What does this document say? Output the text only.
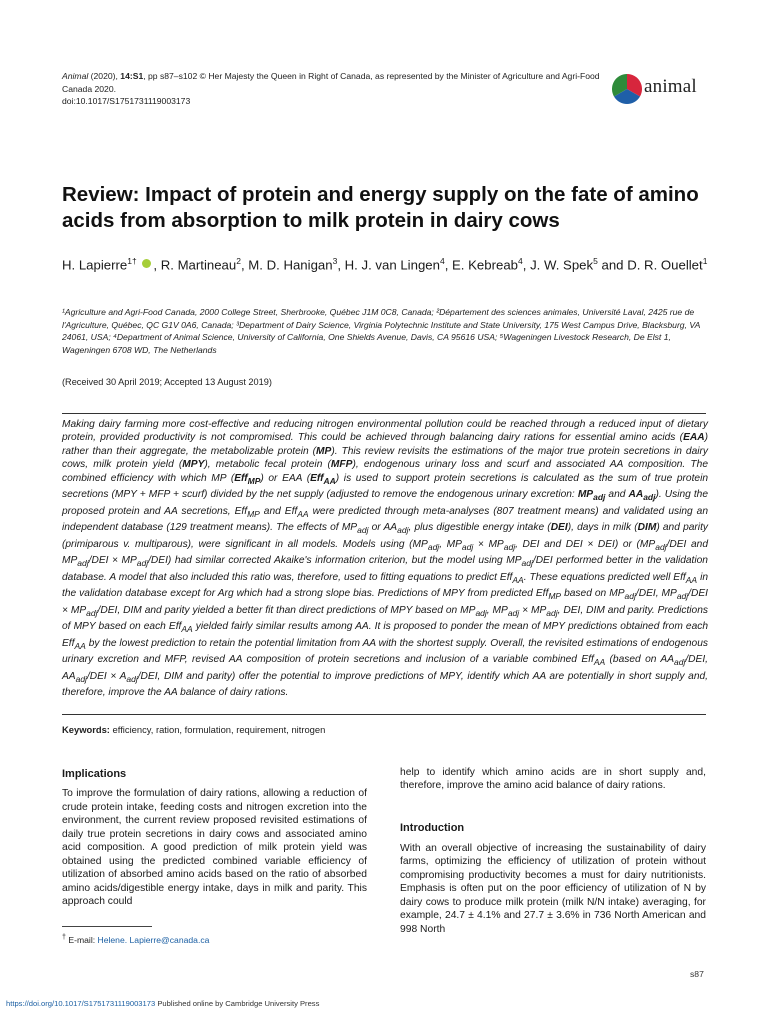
Animal (2020), 14:S1, pp s87–s102 © Her Majesty the Queen in Right of Canada, as represented by the Minister of Agriculture and Agri-Food Canada 2020.
doi:10.1017/S1751731119003173
animal
Review: Impact of protein and energy supply on the fate of amino acids from absorption to milk protein in dairy cows
H. Lapierre$^{1\dagger}$ , R. Martineau$^2$, M. D. Hanigan$^3$, H. J. van Lingen$^4$, E. Kebreab$^4$, J. W. Spek$^5$ and D. R. Ouellet$^1$
¹Agriculture and Agri-Food Canada, 2000 College Street, Sherbrooke, Québec J1M 0C8, Canada; ²Département des sciences animales, Université Laval, 2425 rue de l'Agriculture, Québec, QC G1V 0A6, Canada; ³Department of Dairy Science, Virginia Polytechnic Institute and State University, 175 West Campus Drive, Blacksburg, VA 24061, USA; ⁴Department of Animal Science, University of California, One Shields Avenue, Davis, CA 95616 USA; ⁵Wageningen Livestock Research, De Elst 1, Wageningen 6708 WD, The Netherlands
(Received 30 April 2019; Accepted 13 August 2019)
Making dairy farming more cost-effective and reducing nitrogen environmental pollution could be reached through a reduced input of dietary protein, provided productivity is not compromised. This could be achieved through balancing dairy rations for essential amino acids (EAA) rather than their aggregate, the metabolizable protein (MP). This review revisits the estimations of the major true protein secretions in dairy cows, milk protein yield (MPY), metabolic fecal protein (MFP), endogenous urinary loss and scurf and associated AA composition. The combined efficiency with which MP (Eff$_{MP}$) or EAA (Eff$_{AA}$) is used to support protein secretions is calculated as the sum of true protein secretions (MPY + MFP + scurf) divided by the net supply (adjusted to remove the endogenous urinary excretion: $MP_{adj}$ and $AA_{adj}$). Using the proposed protein and AA secretions, Eff$_{MP}$ and Eff$_{AA}$ were predicted through meta-analyses (807 treatment means) and validated using an independent database (129 treatment means). The effects of $MP_{adj}$ or $AA_{adj}$, plus digestible energy intake (DEI), days in milk (DIM) and parity (primiparous v. multiparous), were significant in all models. Models using ($MP_{adj}$, $MP_{adj} \times MP_{adj}$, DEI and DEI × DEI) or ($MP_{adj}$/DEI and $MP_{adj}$/DEI × $MP_{adj}/DEI$) had similar corrected Akaike's information criterion, but the model using $MP_{adj}$/DEI performed better in the validation database. A model that also included this ratio was, therefore, used to fitting equations to predict Eff$_{AA}$. These equations predicted well Eff$_{AA}$ in the validation database except for Arg which had a strong slope bias. Predictions of MPY from predicted Eff$_{MP}$ based on $MP_{adj}$/DEI, $MP_{adj}$/DEI × $MP_{adj}$/DEI, DIM and parity yielded a better fit than direct predictions of MPY based on $MP_{adj}$, $MP_{adj} \times MP_{adj}$, DEI, DIM and parity. Predictions of MPY based on each Eff$_{AA}$ yielded fairly similar results among AA. It is proposed to ponder the mean of MPY predictions obtained from each Eff$_{AA}$ by the lowest prediction to retain the potential limitation from AA with the shortest supply. Overall, the revisited estimations of endogenous urinary excretion and MFP, revised AA composition of protein secretions and inclusion of a variable combined Eff$_{AA}$ (based on $AA_{adj}$/DEI, $AA_{adj}$/DEI × $A_{adj}$/DEI, DIM and parity) offer the potential to improve predictions of MPY, identify which AA are potentially in short supply and, therefore, improve the AA balance of dairy rations.
Keywords: efficiency, ration, formulation, requirement, nitrogen
Implications
To improve the formulation of dairy rations, allowing a reduction of crude protein intake, feeding costs and nitrogen excretion into the environment, the current review proposed revisited estimations of daily true protein secretions in dairy cows and associated amino acid composition. A good prediction of milk protein yield was obtained using the predicted combined variable efficiency of utilization of absorbed amino acids based on the ratio of absorbed amino acids/digestible energy intake, days in milk and parity. This approach could
help to identify which amino acids are in short supply and, therefore, improve the amino acid balance of dairy rations.
Introduction
With an overall objective of increasing the sustainability of dairy farms, optimizing the efficiency of utilization of protein without compromising productivity becomes a must for dairy nutritionists. Emphasis is often put on the poor efficiency of utilization of N by dairy cows to produce milk protein (milk N/N intake) averaging, for example, 24.7 ± 4.1% and 27.7 ± 3.6% in 736 North American and 998 North
† E-mail: Helene. Lapierre@canada.ca
s87
https://doi.org/10.1017/S1751731119003173 Published online by Cambridge University Press
